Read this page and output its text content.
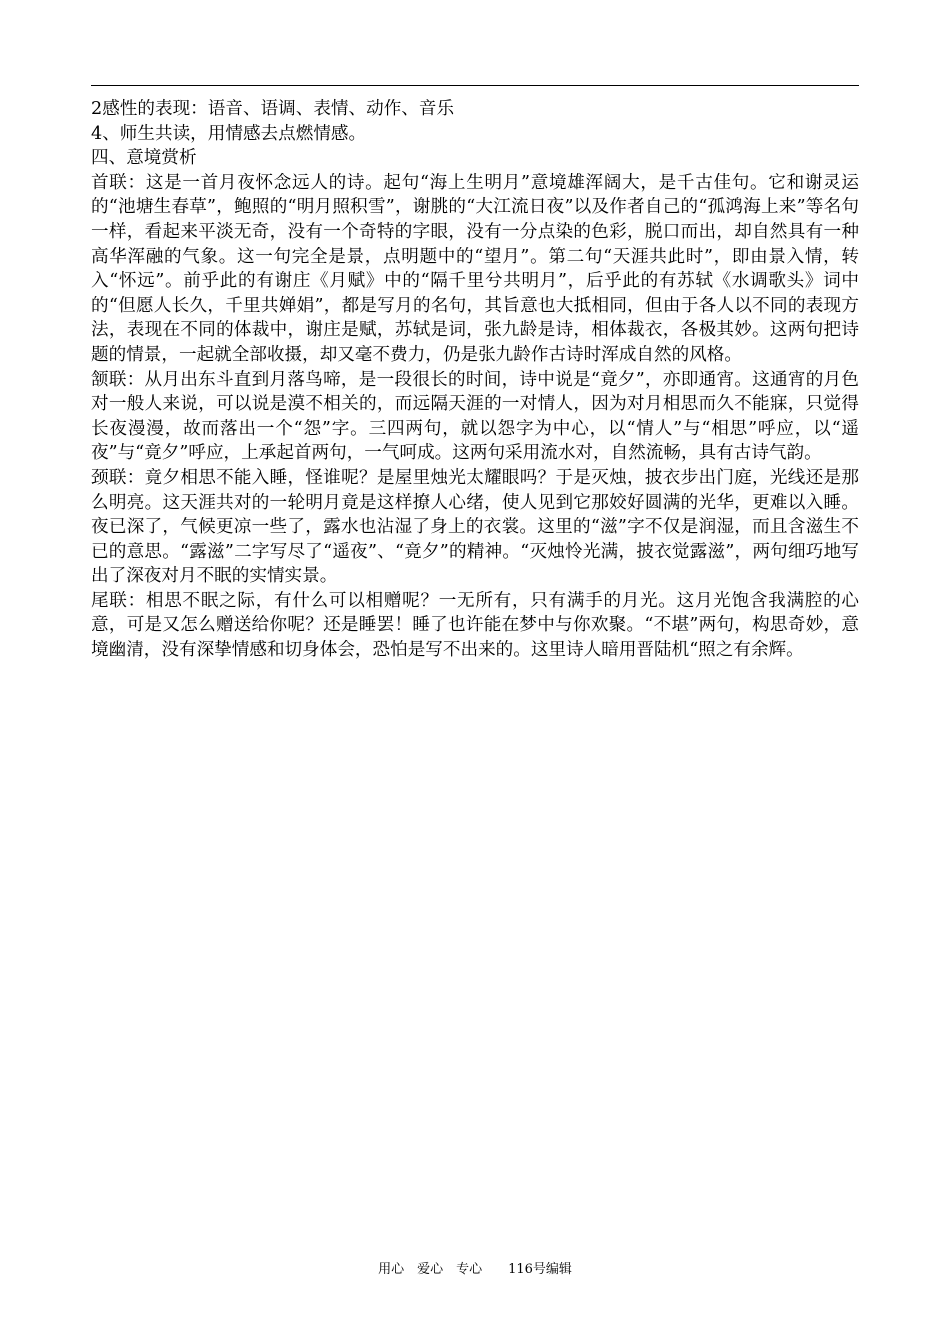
2感性的表现：语音、语调、表情、动作、音乐

4、师生共读，用情感去点燃情感。

四、意境赏析

首联：这是一首月夜怀念远人的诗。起句“海上生明月”意境雄浑阔大，是千古佳句。它和谢灵运的“池塘生春草”，鲍照的“明月照积雪”，谢朓的“大江流日夜”以及作者自己的“孤鸿海上来”等名句一样，看起来平淡无奇，没有一个奇特的字眼，没有一分点染的色彩，脱口而出，却自然具有一种高华浑融的气象。这一句完全是景，点明题中的“望月”。第二句“天涯共此时”，即由景入情，转入“怀远”。前乎此的有谢庄《月赋》中的“隔千里兮共明月”，后乎此的有苏轼《水调歌头》词中的“但愿人长久，千里共婵娟”，都是写月的名句，其旨意也大抵相同，但由于各人以不同的表现方法，表现在不同的体裁中，谢庄是赋，苏轼是词，张九龄是诗，相体裁衣，各极其妙。这两句把诗题的情景，一起就全部收摄，却又毫不费力，仍是张九龄作古诗时浑成自然的风格。

颔联：从月出东斗直到月落鸟啼，是一段很长的时间，诗中说是“竟夕”，亦即通宵。这通宵的月色对一般人来说，可以说是漠不相关的，而远隔天涯的一对情人，因为对月相思而久不能寐，只觉得长夜漫漫，故而落出一个“怨”字。三四两句，就以怨字为中心，以“情人”与“相思”呼应，以“遥夜”与“竟夕”呼应，上承起首两句，一气呵成。这两句采用流水对，自然流畅，具有古诗气韵。

颈联：竟夕相思不能入睡，怪谁呢？是屋里烛光太耀眼吗？于是灭烛，披衣步出门庭，光线还是那么明亮。这天涯共对的一轮明月竟是这样撩人心绪，使人见到它那姣好圆满的光华，更难以入睡。夜已深了，气候更凉一些了，露水也沾湿了身上的衣裳。这里的“滋”字不仅是润湿，而且含滋生不已的意思。“露滋”二字写尽了“遥夜”、“竟夕”的精神。“灭烛怜光满，披衣觉露滋”，两句细巧地写出了深夜对月不眠的实情实景。

尾联：相思不眠之际，有什么可以相赠呢？一无所有，只有满手的月光。这月光饱含我满腔的心意，可是又怎么赠送给你呢？还是睡罢！睡了也许能在梦中与你欢聚。“不堪”两句，构思奇妙，意境幽清，没有深挚情感和切身体会，恐怕是写不出来的。这里诗人暗用晋陆机“照之有余辉。

用心　爱心　专心　　116号编辑
